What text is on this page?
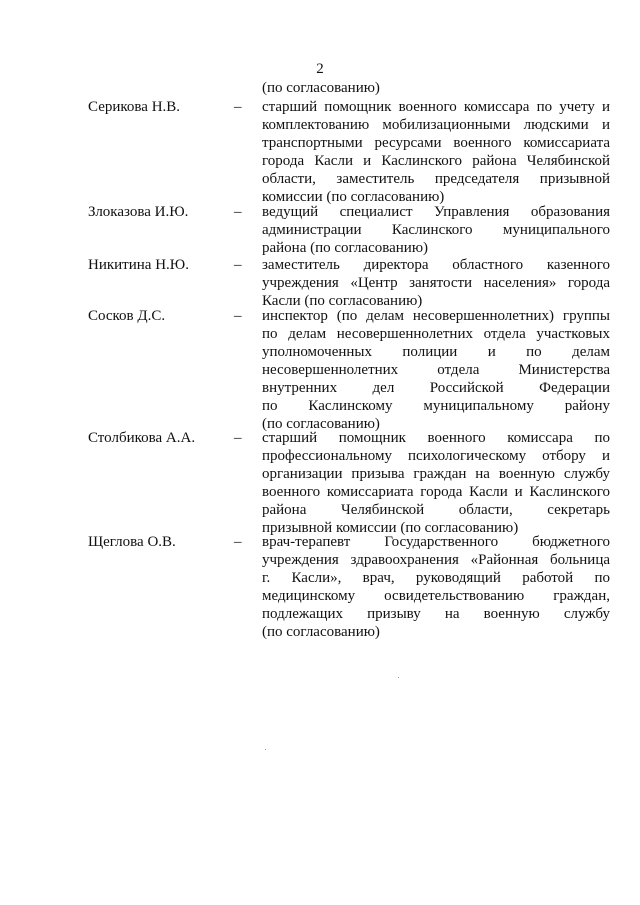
2
(по согласованию)
Серикова Н.В.	– старший помощник военного комиссара по учету и
комплектованию мобилизационными людскими и
транспортными ресурсами военного комиссариата
города Касли и Каслинского района Челябинской
области, заместитель председателя призывной
комиссии (по согласованию)
Злоказова И.Ю.	– ведущий специалист Управления образования
администрации Каслинского муниципального
района (по согласованию)
Никитина Н.Ю.	– заместитель директора областного казенного
учреждения «Центр занятости населения» города
Касли (по согласованию)
Сосков Д.С.	– инспектор (по делам несовершеннолетних) группы
по делам несовершеннолетних отдела участковых
уполномоченных полиции и по делам
несовершеннолетних отдела Министерства
внутренних дел Российской Федерации
по Каслинскому муниципальному району
(по согласованию)
Столбикова А.А.	– старший помощник военного комиссара по
профессиональному психологическому отбору и
организации призыва граждан на военную службу
военного комиссариата города Касли и Каслинского
района Челябинской области, секретарь
призывной комиссии (по согласованию)
Щеглова О.В.	– врач-терапевт Государственного бюджетного
учреждения здравоохранения «Районная больница
г. Касли», врач, руководящий работой по
медицинскому освидетельствованию граждан,
подлежащих призыву на военную службу
(по согласованию)
